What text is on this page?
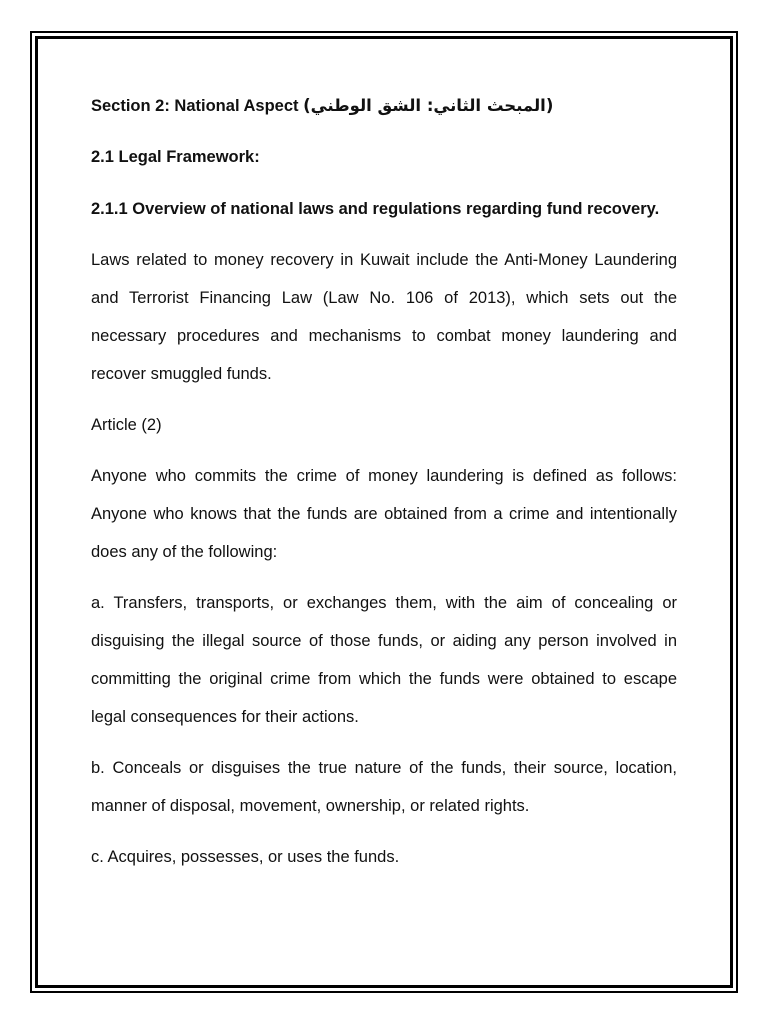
Section 2: National Aspect (المبحث الثاني: الشق الوطني)

2.1 Legal Framework:

2.1.1 Overview of national laws and regulations regarding fund recovery.

Laws related to money recovery in Kuwait include the Anti-Money Laundering and Terrorist Financing Law (Law No. 106 of 2013), which sets out the necessary procedures and mechanisms to combat money laundering and recover smuggled funds.

Article (2)

Anyone who commits the crime of money laundering is defined as follows: Anyone who knows that the funds are obtained from a crime and intentionally does any of the following:

a. Transfers, transports, or exchanges them, with the aim of concealing or disguising the illegal source of those funds, or aiding any person involved in committing the original crime from which the funds were obtained to escape legal consequences for their actions.

b. Conceals or disguises the true nature of the funds, their source, location, manner of disposal, movement, ownership, or related rights.

c. Acquires, possesses, or uses the funds.
